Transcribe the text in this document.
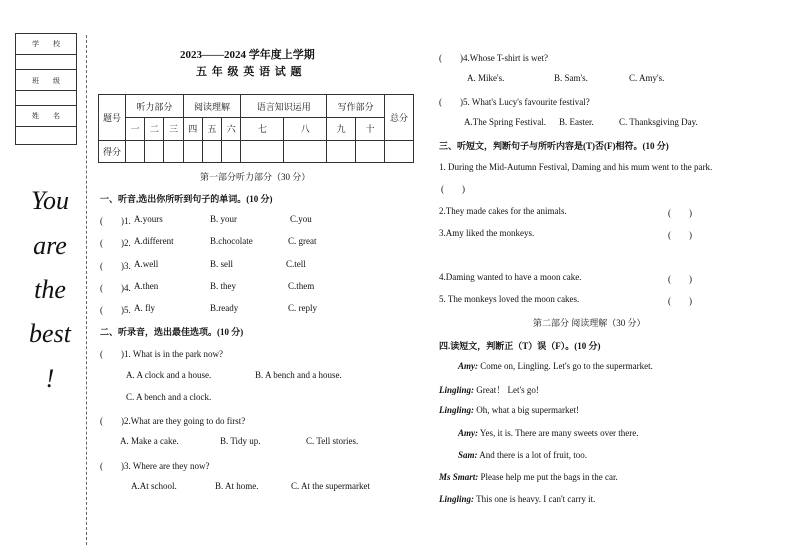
学　　校
班　　级
姓　　名
You
are
the
best
!
2023——2024 学年度上学期
五 年 级 英 语 试 题
题号	听力部分			阅读理解			语言知识运用		写作部分		总分
	一	二	三	四	五	六	七	八	九	十	
得分											
第一部分听力部分（30 分）
一、听音,选出你所听到句子的单词。(10 分)
(　　)1. A.yours	B. your	C.you
(　　)2. A.different	B.chocolate	C. great
(　　)3. A.well	B. sell	C.tell
(　　)4. A.then	B. they	C.them
(　　)5. A. fly	B.ready	C. reply
二、听录音，选出最佳选项。(10 分)
(　　)1. What is in the park now?
A. A clock and a house.	B. A bench and a house.
C. A bench and a clock.
(　　)2.What are they going to do first?
A. Make a cake.	B. Tidy up.	C. Tell stories.
(　　)3. Where are they now?
A.At school.	B. At home.	C. At the supermarket
(　　)4.Whose T-shirt is wet?
A. Mike's.	B. Sam's.	C. Amy's.
(　　)5. What's Lucy's favourite festival?
A.The Spring Festival. B. Easter.	C. Thanksgiving Day.
三、听短文，判断句子与所听内容是(T)否(F)相符。(10 分)
1. During the Mid-Autumn Festival, Daming and his mum went to the park.
(　　)
2.They made cakes for the animals.	(　　)
3.Amy liked the monkeys.	(　　)
4.Daming wanted to have a moon cake.	(　　)
5. The monkeys loved the moon cakes.	(　　)
第二部分 阅读理解（30 分）
四.读短文，判断正（T）误（F）。(10 分)
Amy: Come on, Lingling. Let's go to the supermarket.
Lingling: Great！ Let's go!
Lingling: Oh, what a big supermarket!
Amy: Yes, it is. There are many sweets over there.
Sam: And there is a lot of fruit, too.
Ms Smart: Please help me put the bags in the car.
Lingling: This one is heavy. I can't carry it.
